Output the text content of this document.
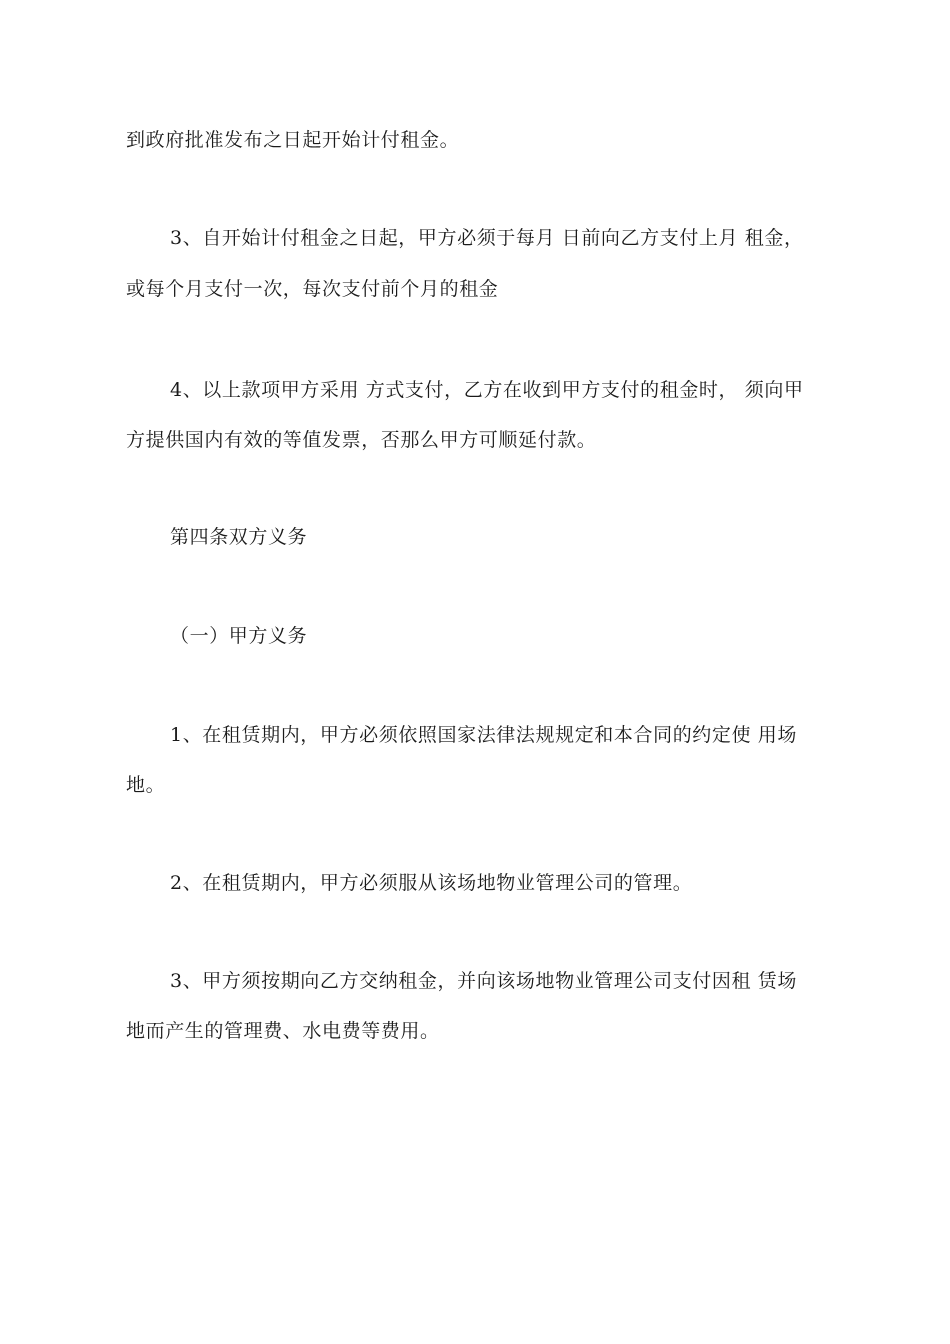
到政府批准发布之日起开始计付租金。
3、自开始计付租金之日起，甲方必须于每月 日前向乙方支付上月 租金，
或每个月支付一次，每次支付前个月的租金
4、以上款项甲方采用 方式支付，乙方在收到甲方支付的租金时， 须向甲
方提供国内有效的等值发票，否那么甲方可顺延付款。
第四条双方义务
（一）甲方义务
1、在租赁期内，甲方必须依照国家法律法规规定和本合同的约定使 用场
地。
2、在租赁期内，甲方必须服从该场地物业管理公司的管理。
3、甲方须按期向乙方交纳租金，并向该场地物业管理公司支付因租 赁场
地而产生的管理费、水电费等费用。
